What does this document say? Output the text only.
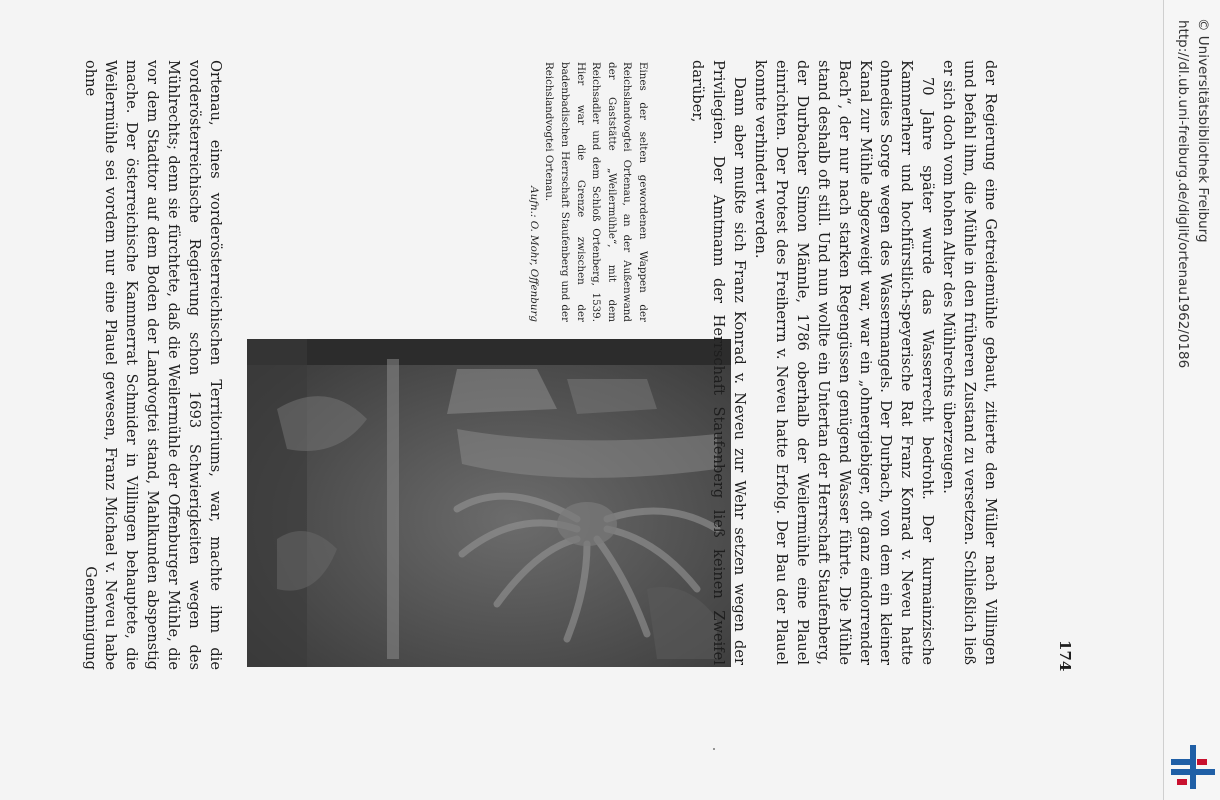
Ortenau, eines vorderösterreichischen Territoriums, war, machte ihm die vorderösterreichische Regierung schon 1693 Schwierigkeiten wegen des Mühlrechts; denn sie fürchtete, daß die Weilermühle der Offenburger Mühle, die vor dem Stadttor auf dem Boden der Landvogtei stand, Mahlkunden abspenstig mache. Der österreichische Kammerrat Schmider in Villingen behauptete, die Weilermühle sei vordem nur eine Plauel gewesen, Franz Michael v. Neveu habe ohne Genehmigung	Eines der selten gewordenen Wappen der Reichslandvogtei Ortenau, an der Außenwand der Gaststätte „Weilermühle“, mit dem Reichsadler und dem Schloß Ortenberg, 1539. Hier war die Grenze zwischen der badenbadischen Herrschaft Staufenberg und der Reichslandvogtei Ortenau.

Aufn.: O. Mohr, Offenburg	der Regierung eine Getreidemühle gebaut, zitierte den Müller nach Villingen und befahl ihm, die Mühle in den früheren Zustand zu versetzen. Schließlich ließ er sich doch vom hohen Alter des Mühlrechts überzeugen.

70 Jahre später wurde das Wasserrecht bedroht. Der kurmainzische Kammerherr und hochfürstlich-speyerische Rat Franz Konrad v. Neveu hatte ohnedies Sorge wegen des Wassermangels. Der Durbach, von dem ein kleiner Kanal zur Mühle abgezweigt war, war ein „ohnergiebiger, oft ganz eindorrender Bach“, der nur nach starken Regengüssen genügend Wasser führte. Die Mühle stand deshalb oft still. Und nun wollte ein Untertan der Herrschaft Staufenberg, der Durbacher Simon Männle, 1786 oberhalb der Weilermühle eine Plauel einrichten. Der Protest des Freiherrn v. Neveu hatte Erfolg. Der Bau der Plauel konnte verhindert werden.

Dann aber mußte sich Franz Konrad v. Neveu zur Wehr setzen wegen der Privilegien. Der Amtmann der Herrschaft Staufenberg ließ keinen Zweifel darüber,

174
http://dl.ub.uni-freiburg.de/diglit/ortenau1962/0186 © Universitätsbibliothek Freiburg
